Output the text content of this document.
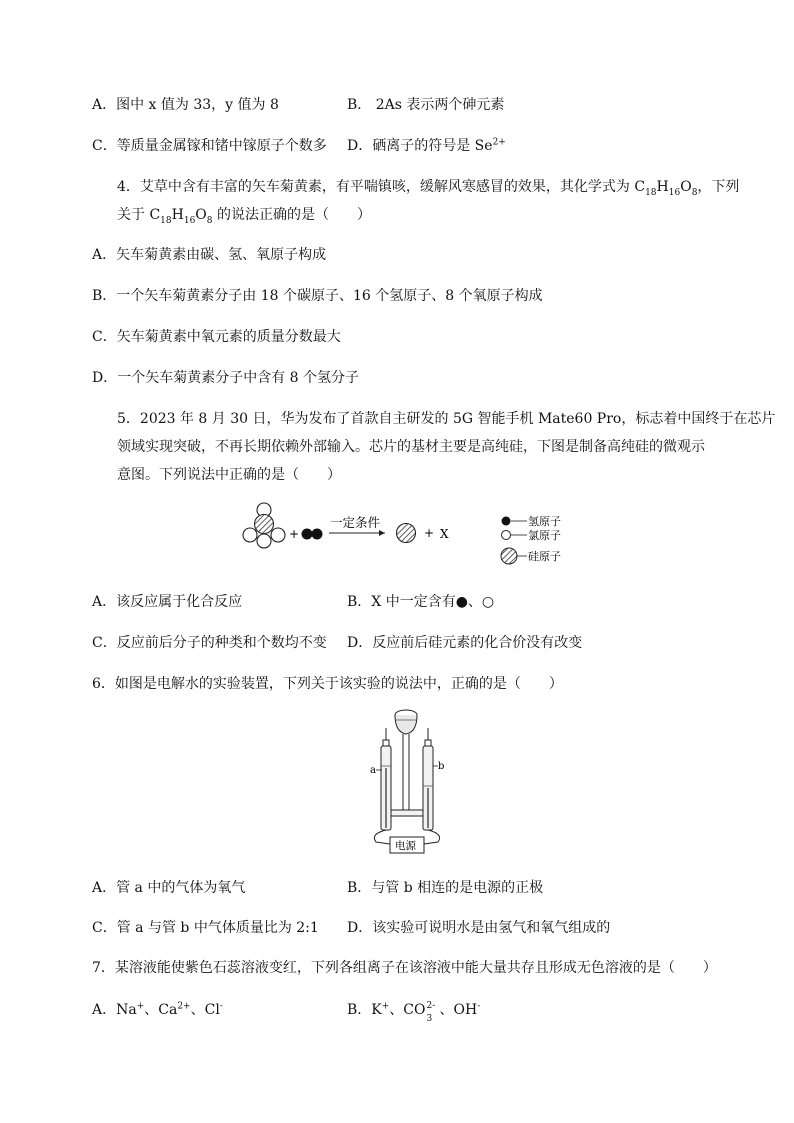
A．图中 x 值为 33，y 值为 8	B． 2As 表示两个砷元素
C．等质量金属镓和锗中镓原子个数多 D．硒离子的符号是 $Se^{2+}$
4．艾草中含有丰富的矢车菊黄素，有平喘镇咳，缓解风寒感冒的效果，其化学式为 $C_{18}H_{16}O_8$，下列
关于 $C_{18}H_{16}O_8$ 的说法正确的是（　　）
A．矢车菊黄素由碳、氢、氧原子构成
B．一个矢车菊黄素分子由 18 个碳原子、16 个氢原子、8 个氧原子构成
C．矢车菊黄素中氧元素的质量分数最大
D．一个矢车菊黄素分子中含有 8 个氢分子
5．2023 年 8 月 30 日，华为发布了首款自主研发的 5G 智能手机 Mate60 Pro，标志着中国终于在芯片
领域实现突破，不再长期依赖外部输入。芯片的基材主要是高纯硅，下图是制备高纯硅的微观示
意图。下列说法中正确的是（　　）
+
一定条件
+ X
氢原子
氯原子
硅原子
A．该反应属于化合反应	B．X 中一定含有●、○
C．反应前后分子的种类和个数均不变 D．反应前后硅元素的化合价没有改变
6．如图是电解水的实验装置，下列关于该实验的说法中，正确的是（　　）
a	b
电源
A．管 a 中的气体为氧气	B．与管 b 相连的是电源的正极
C．管 a 与管 b 中气体质量比为 2:1 D．该实验可说明水是由氢气和氧气组成的
7．某溶液能使紫色石蕊溶液变红，下列各组离子在该溶液中能大量共存且形成无色溶液的是（　　）
A．Na+、$Ca^{2+}$、Cl-	B．K+、CO 2-
3
、OH-
